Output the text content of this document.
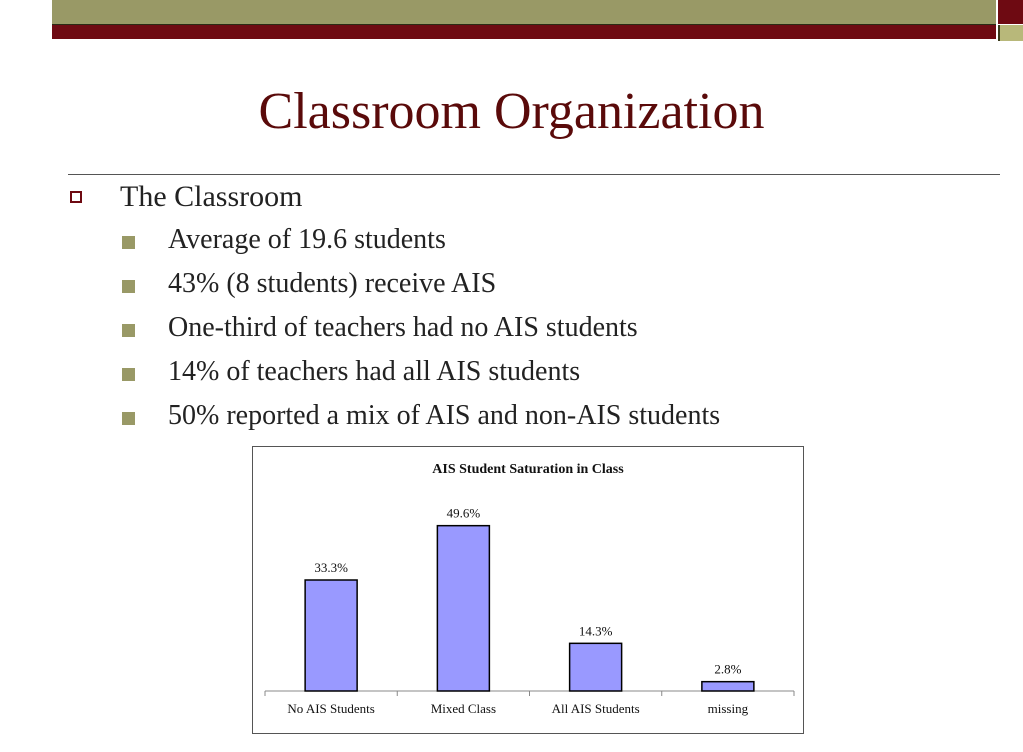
Classroom Organization
The Classroom
Average of 19.6 students
43% (8 students) receive AIS
One-third of teachers had no AIS students
14% of teachers had all AIS students
50% reported a mix of AIS and non-AIS students
AIS Student Saturation in Class
33.3%
No AIS Students
49.6%
Mixed Class
14.3%
All AIS Students
2.8%
missing
